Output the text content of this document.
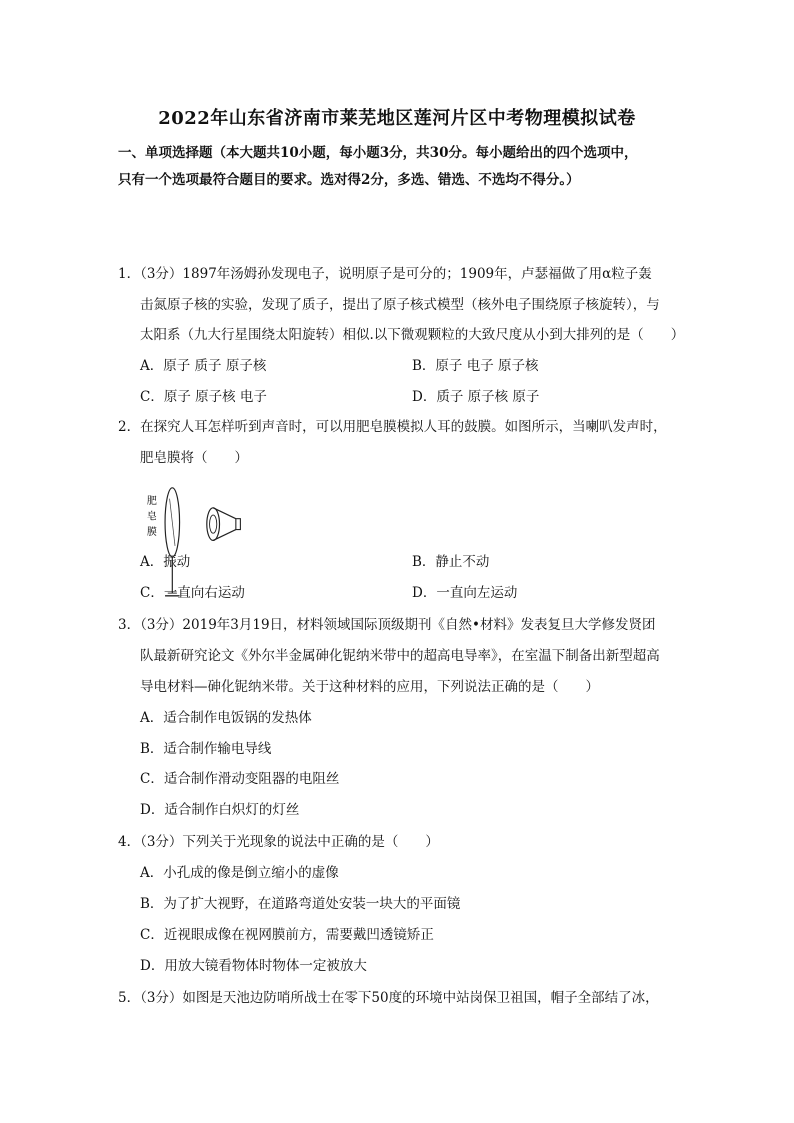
2022年山东省济南市莱芜地区莲河片区中考物理模拟试卷
一、单项选择题（本大题共10小题，每小题3分，共30分。每小题给出的四个选项中，
只有一个选项最符合题目的要求。选对得2分，多选、错选、不选均不得分。）
1．（3分）1897年汤姆孙发现电子，说明原子是可分的；1909年，卢瑟福做了用α粒子轰
击氮原子核的实验，发现了质子，提出了原子核式模型（核外电子围绕原子核旋转），与
太阳系（九大行星围绕太阳旋转）相似.以下微观颗粒的大致尺度从小到大排列的是（　　）
A．原子 质子 原子核	B．原子 电子 原子核
C．原子 原子核 电子	D．质子 原子核 原子
2．在探究人耳怎样听到声音时，可以用肥皂膜模拟人耳的鼓膜。如图所示，当喇叭发声时，
肥皂膜将（　　）
肥
皂
膜
A．振动	B．静止不动
C．一直向右运动	D．一直向左运动
3．（3分）2019年3月19日，材料领域国际顶级期刊《自然•材料》发表复旦大学修发贤团
队最新研究论文《外尔半金属砷化铌纳米带中的超高电导率》，在室温下制备出新型超高
导电材料—砷化铌纳米带。关于这种材料的应用，下列说法正确的是（　　）
A．适合制作电饭锅的发热体
B．适合制作输电导线
C．适合制作滑动变阻器的电阻丝
D．适合制作白炽灯的灯丝
4．（3分）下列关于光现象的说法中正确的是（　　）
A．小孔成的像是倒立缩小的虚像
B．为了扩大视野，在道路弯道处安装一块大的平面镜
C．近视眼成像在视网膜前方，需要戴凹透镜矫正
D．用放大镜看物体时物体一定被放大
5．（3分）如图是天池边防哨所战士在零下50度的环境中站岗保卫祖国，帽子全部结了冰，
